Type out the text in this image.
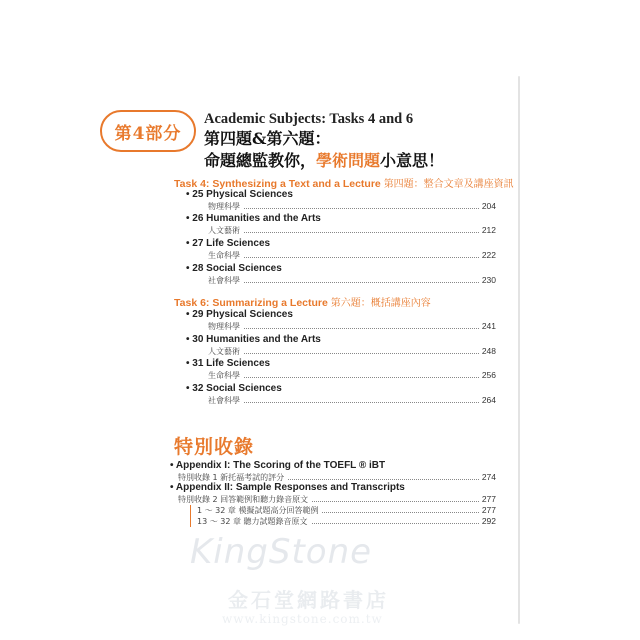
第4部分
Academic Subjects: Tasks 4 and 6
第四題&第六題：
命題總監教你，學術問題小意思！
Task 4: Synthesizing a Text and a Lecture 第四題：整合文章及講座資訊
• 25 Physical Sciences
物理科學	204
• 26 Humanities and the Arts
人文藝術	212
• 27 Life Sciences
生命科學	222
• 28 Social Sciences
社會科學	230
Task 6: Summarizing a Lecture 第六題：概括講座內容
• 29 Physical Sciences
物理科學	241
• 30 Humanities and the Arts
人文藝術	248
• 31 Life Sciences
生命科學	256
• 32 Social Sciences
社會科學	264
特別收錄
• Appendix I: The Scoring of the TOEFL ® iBT
特別收錄 1 新托福考試的評分	274
• Appendix II: Sample Responses and Transcripts
特別收錄 2 回答範例和聽力錄音原文	277
1 ～ 32 章 模擬試題高分回答範例	277
13 ～ 32 章 聽力試題錄音原文	292
KingStone
金石堂網路書店
www.kingstone.com.tw
